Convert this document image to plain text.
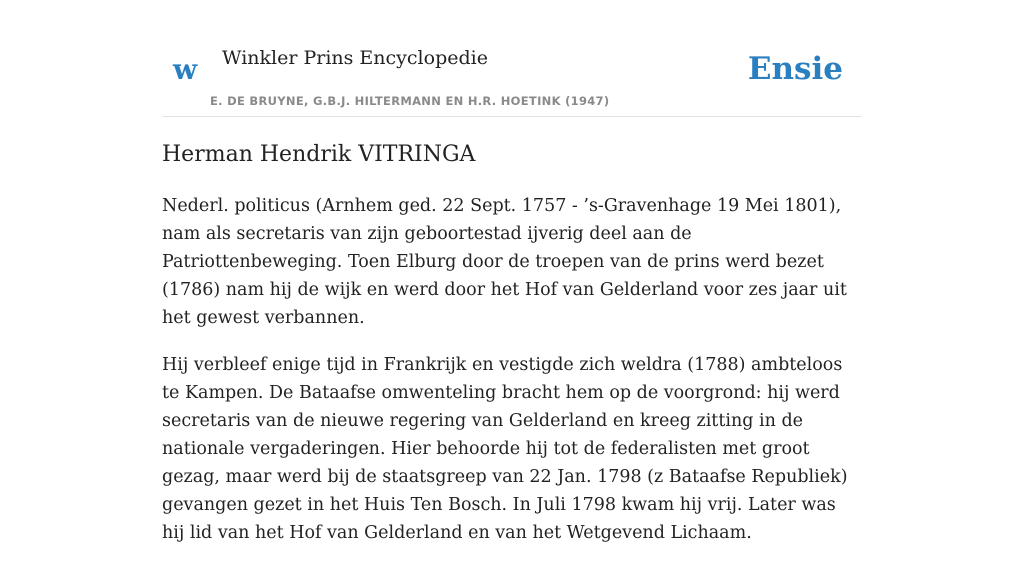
w Winkler Prins Encyclopedie
E. DE BRUYNE, G.B.J. HILTERMANN EN H.R. HOETINK (1947)
Ensie
Herman Hendrik VITRINGA

Nederl. politicus (Arnhem ged. 22 Sept. 1757 - ’s-Gravenhage 19 Mei 1801), nam als secretaris van zijn geboortestad ijverig deel aan de Patriottenbeweging. Toen Elburg door de troepen van de prins werd bezet (1786) nam hij de wijk en werd door het Hof van Gelderland voor zes jaar uit het gewest verbannen.

Hij verbleef enige tijd in Frankrijk en vestigde zich weldra (1788) ambteloos te Kampen. De Bataafse omwenteling bracht hem op de voorgrond: hij werd secretaris van de nieuwe regering van Gelderland en kreeg zitting in de nationale vergaderingen. Hier behoorde hij tot de federalisten met groot gezag, maar werd bij de staatsgreep van 22 Jan. 1798 (z Bataafse Republiek) gevangen gezet in het Huis Ten Bosch. In Juli 1798 kwam hij vrij. Later was hij lid van het Hof van Gelderland en van het Wetgevend Lichaam.
